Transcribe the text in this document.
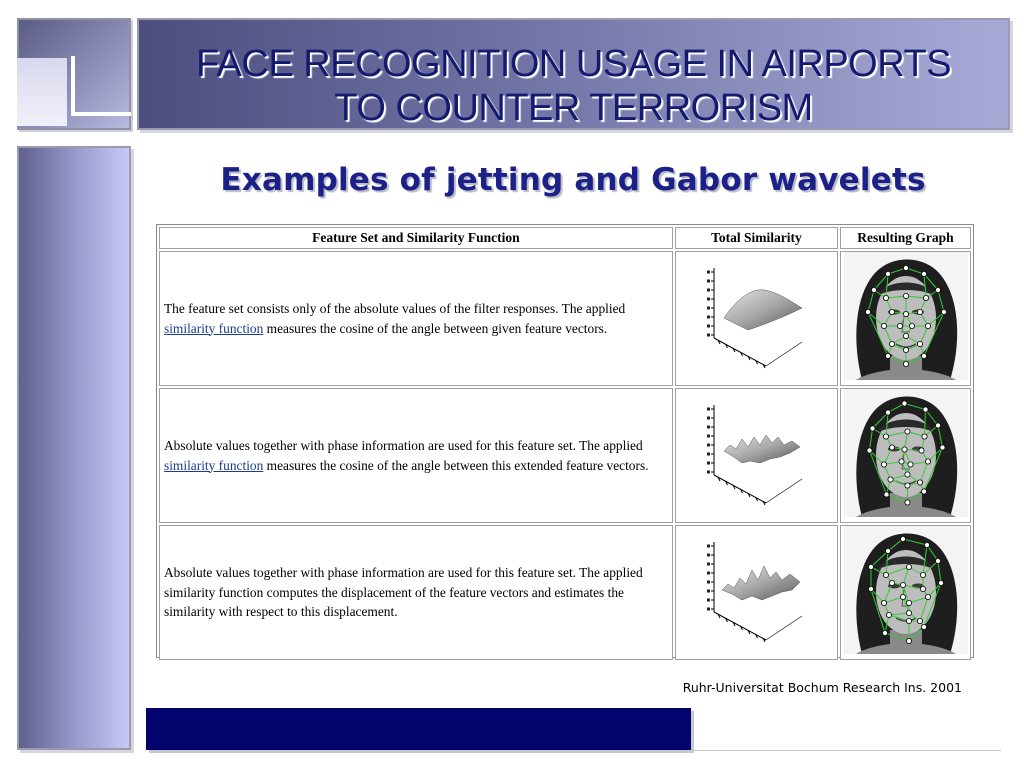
FACE RECOGNITION USAGE IN AIRPORTS
TO COUNTER TERRORISM
Examples of jetting and Gabor wavelets
Feature Set and Similarity Function	Total Similarity	Resulting Graph
The feature set consists only of the absolute values of the filter responses. The applied similarity function measures the cosine of the angle between given feature vectors.		
Absolute values together with phase information are used for this feature set. The applied similarity function measures the cosine of the angle between this extended feature vectors.		
Absolute values together with phase information are used for this feature set. The applied similarity function computes the displacement of the feature vectors and estimates the similarity with respect to this displacement.		
Ruhr-Universitat Bochum Research Ins. 2001
